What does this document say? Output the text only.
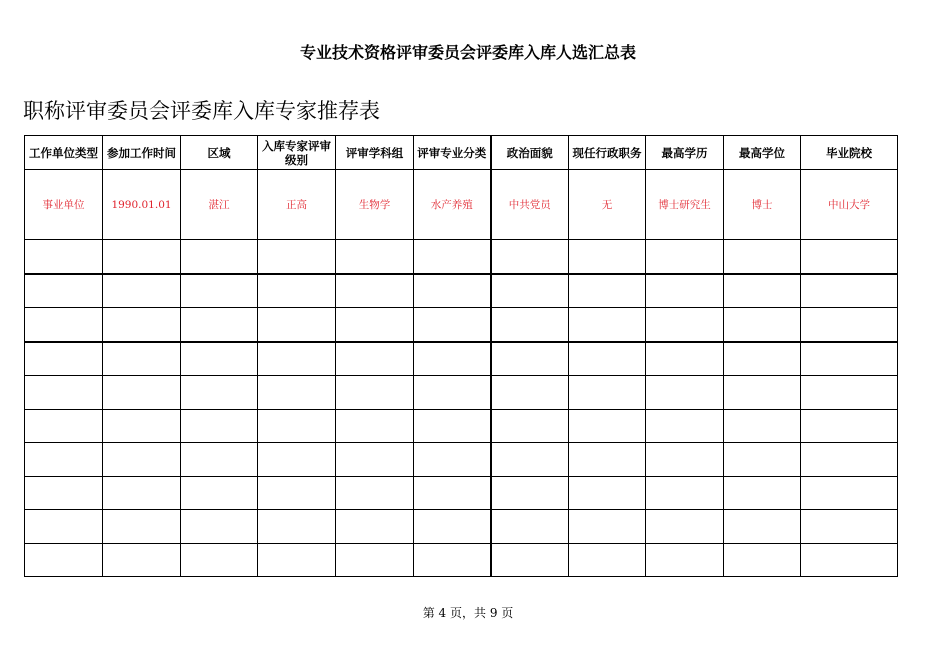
专业技术资格评审委员会评委库入库人选汇总表
职称评审委员会评委库入库专家推荐表
工作单位类型	参加工作时间	区域	入库专家评审级别	评审学科组	评审专业分类	政治面貌	现任行政职务	最高学历	最高学位	毕业院校
事业单位	1990.01.01	湛江	正高	生物学	水产养殖	中共党员	无	博士研究生	博士	中山大学

第 4 页，共 9 页
